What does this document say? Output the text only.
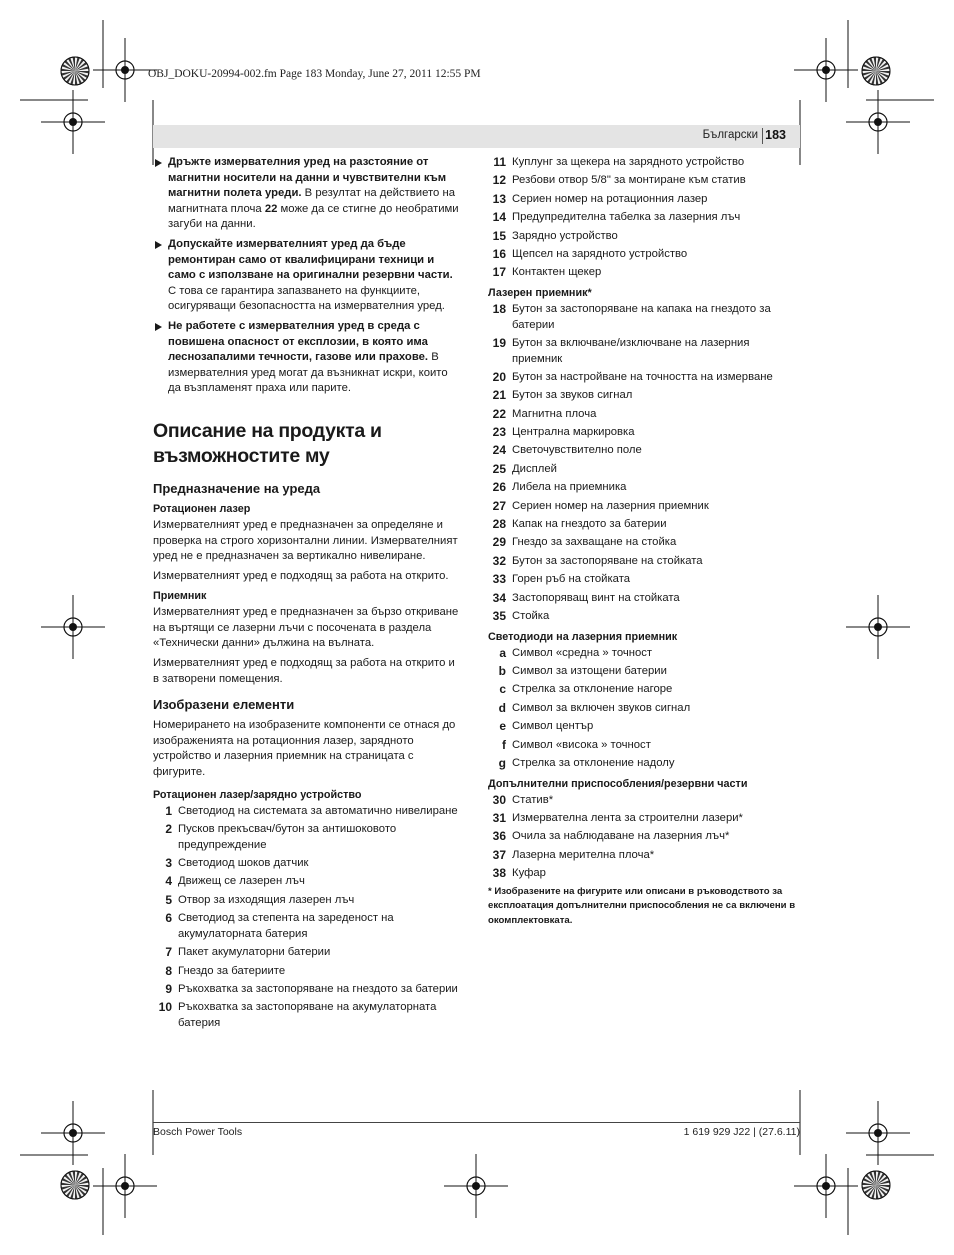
OBJ_DOKU-20994-002.fm Page 183 Monday, June 27, 2011 12:55 PM
Български 183

Дръжте измервателния уред на разстояние от магнитни носители на данни и чувствителни към магнитни полета уреди. В резултат на действието на магнитната плоча 22 може да се стигне до необратими загуби на данни.

Допускайте измервателният уред да бъде ремонтиран само от квалифицирани техници и само с използване на оригинални резервни части. С това се гарантира запазването на функциите, осигуряващи безопасността на измервателния уред.

Не работете с измервателния уред в среда с повишена опасност от експлозии, в която има леснозапалими течности, газове или прахове. В измервателния уред могат да възникнат искри, които да възпламенят праха или парите.

Описание на продукта и възможностите му
Предназначение на уреда
Ротационен лазер

Измервателният уред е предназначен за определяне и проверка на строго хоризонтални линии. Измервателният уред не е предназначен за вертикално нивелиране.

Измервателният уред е подходящ за работа на открито.

Приемник

Измервателният уред е предназначен за бързо откриване на въртящи се лазерни лъчи с посочената в раздела «Технически данни» дължина на вълната.

Измервателният уред е подходящ за работа на открито и в затворени помещения.

Изобразени елементи

Номерирането на изобразените компоненти се отнася до изображенията на ротационния лазер, зарядното устройство и лазерния приемник на страницата с фигурите.

Ротационен лазер/зарядно устройство
1 Светодиод на системата за автоматично нивелиране
2 Пусков прекъсвач/бутон за антишоковото предупреждение
3 Светодиод шоков датчик
4 Движещ се лазерен лъч
5 Отвор за изходящия лазерен лъч
6 Светодиод за степента на зареденост на акумулаторната батерия
7 Пакет акумулаторни батерии
8 Гнездо за батериите
9 Ръкохватка за застопоряване на гнездото за батерии
10 Ръкохватка за застопоряване на акумулаторната батерия
11 Куплунг за щекера на зарядното устройство
12 Резбови отвор 5/8" за монтиране към статив
13 Сериен номер на ротационния лазер
14 Предупредителна табелка за лазерния лъч
15 Зарядно устройство
16 Щепсел на зарядното устройство
17 Контактен щекер
Лазерен приемник*
18 Бутон за застопоряване на капака на гнездото за батерии
19 Бутон за включване/изключване на лазерния приемник
20 Бутон за настройване на точността на измерване
21 Бутон за звуков сигнал
22 Магнитна плоча
23 Централна маркировка
24 Светочувствително поле
25 Дисплей
26 Либела на приемника
27 Сериен номер на лазерния приемник
28 Капак на гнездото за батерии
29 Гнездо за захващане на стойка
32 Бутон за застопоряване на стойката
33 Горен ръб на стойката
34 Застопоряващ винт на стойката
35 Стойка
Светодиоди на лазерния приемник
a Символ «средна » точност
b Символ за изтощени батерии
c Стрелка за отклонение нагоре
d Символ за включен звуков сигнал
e Символ център
f Символ «висока » точност
g Стрелка за отклонение надолу
Допълнителни приспособления/резервни части
30 Статив*
31 Измервателна лента за строителни лазери*
36 Очила за наблюдаване на лазерния лъч*
37 Лазерна мерителна плоча*
38 Куфар
* Изобразените на фигурите или описани в ръководството за експлоатация допълнителни приспособления не са включени в окомплектовката.
Bosch Power Tools	1 619 929 J22 | (27.6.11)
